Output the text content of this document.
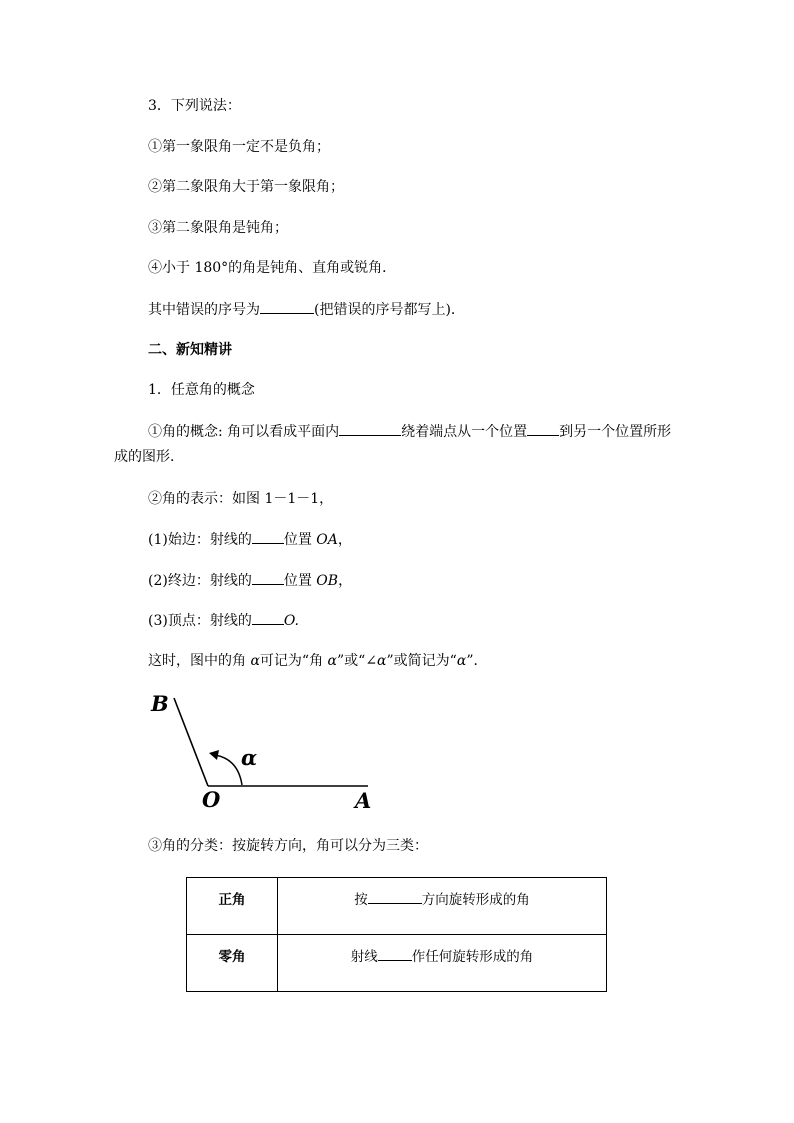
3．下列说法：
①第一象限角一定不是负角；
②第二象限角大于第一象限角；
③第二象限角是钝角；
④小于 180°的角是钝角、直角或锐角．
其中错误的序号为	(把错误的序号都写上)．
二、新知精讲
1．任意角的概念
①角的概念: 角可以看成平面内	绕着端点从一个位置 到另一个位置所形
成的图形．
②角的表示：如图 1－1－1，
(1)始边：射线的 位置 OA，
(2)终边：射线的 位置 OB，
(3)顶点：射线的 O.
这时，图中的角 α可记为“角 α”或“∠α”或简记为“α”．
B
O	A
α
③角的分类：按旋转方向，角可以分为三类：
正角	按 方向旋转形成的角
零角	射线 作任何旋转形成的角
